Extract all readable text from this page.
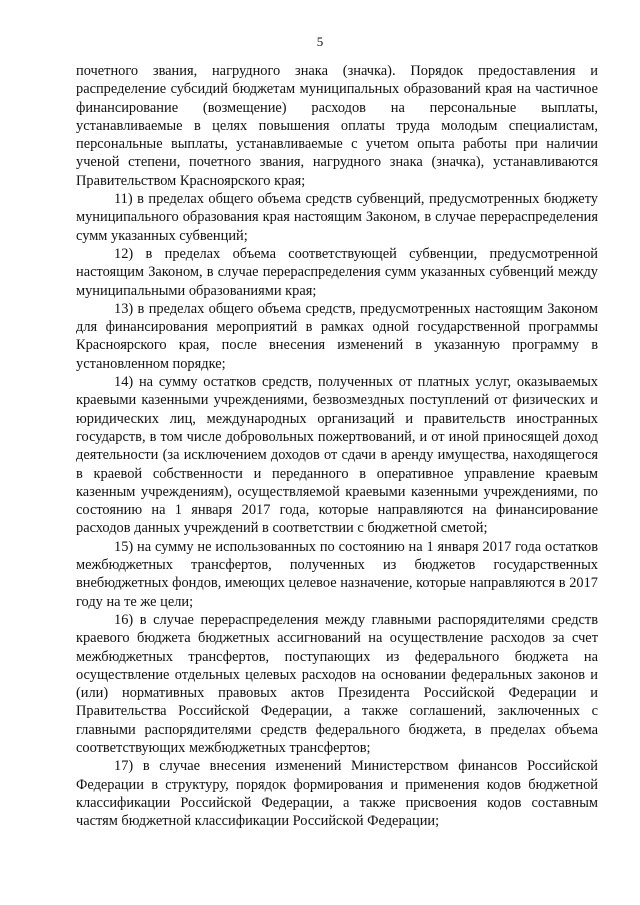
5

почетного звания, нагрудного знака (значка). Порядок предоставления и распределение субсидий бюджетам муниципальных образований края на частичное финансирование (возмещение) расходов на персональные выплаты, устанавливаемые в целях повышения оплаты труда молодым специалистам, персональные выплаты, устанавливаемые с учетом опыта работы при наличии ученой степени, почетного звания, нагрудного знака (значка), устанавливаются Правительством Красноярского края;

11) в пределах общего объема средств субвенций, предусмотренных бюджету муниципального образования края настоящим Законом, в случае перераспределения сумм указанных субвенций;

12) в пределах объема соответствующей субвенции, предусмотренной настоящим Законом, в случае перераспределения сумм указанных субвенций между муниципальными образованиями края;

13) в пределах общего объема средств, предусмотренных настоящим Законом для финансирования мероприятий в рамках одной государственной программы Красноярского края, после внесения изменений в указанную программу в установленном порядке;

14) на сумму остатков средств, полученных от платных услуг, оказываемых краевыми казенными учреждениями, безвозмездных поступлений от физических и юридических лиц, международных организаций и правительств иностранных государств, в том числе добровольных пожертвований, и от иной приносящей доход деятельности (за исключением доходов от сдачи в аренду имущества, находящегося в краевой собственности и переданного в оперативное управление краевым казенным учреждениям), осуществляемой краевыми казенными учреждениями, по состоянию на 1 января 2017 года, которые направляются на финансирование расходов данных учреждений в соответствии с бюджетной сметой;

15) на сумму не использованных по состоянию на 1 января 2017 года остатков межбюджетных трансфертов, полученных из бюджетов государственных внебюджетных фондов, имеющих целевое назначение, которые направляются в 2017 году на те же цели;

16) в случае перераспределения между главными распорядителями средств краевого бюджета бюджетных ассигнований на осуществление расходов за счет межбюджетных трансфертов, поступающих из федерального бюджета на осуществление отдельных целевых расходов на основании федеральных законов и (или) нормативных правовых актов Президента Российской Федерации и Правительства Российской Федерации, а также соглашений, заключенных с главными распорядителями средств федерального бюджета, в пределах объема соответствующих межбюджетных трансфертов;

17) в случае внесения изменений Министерством финансов Российской Федерации в структуру, порядок формирования и применения кодов бюджетной классификации Российской Федерации, а также присвоения кодов составным частям бюджетной классификации Российской Федерации;
